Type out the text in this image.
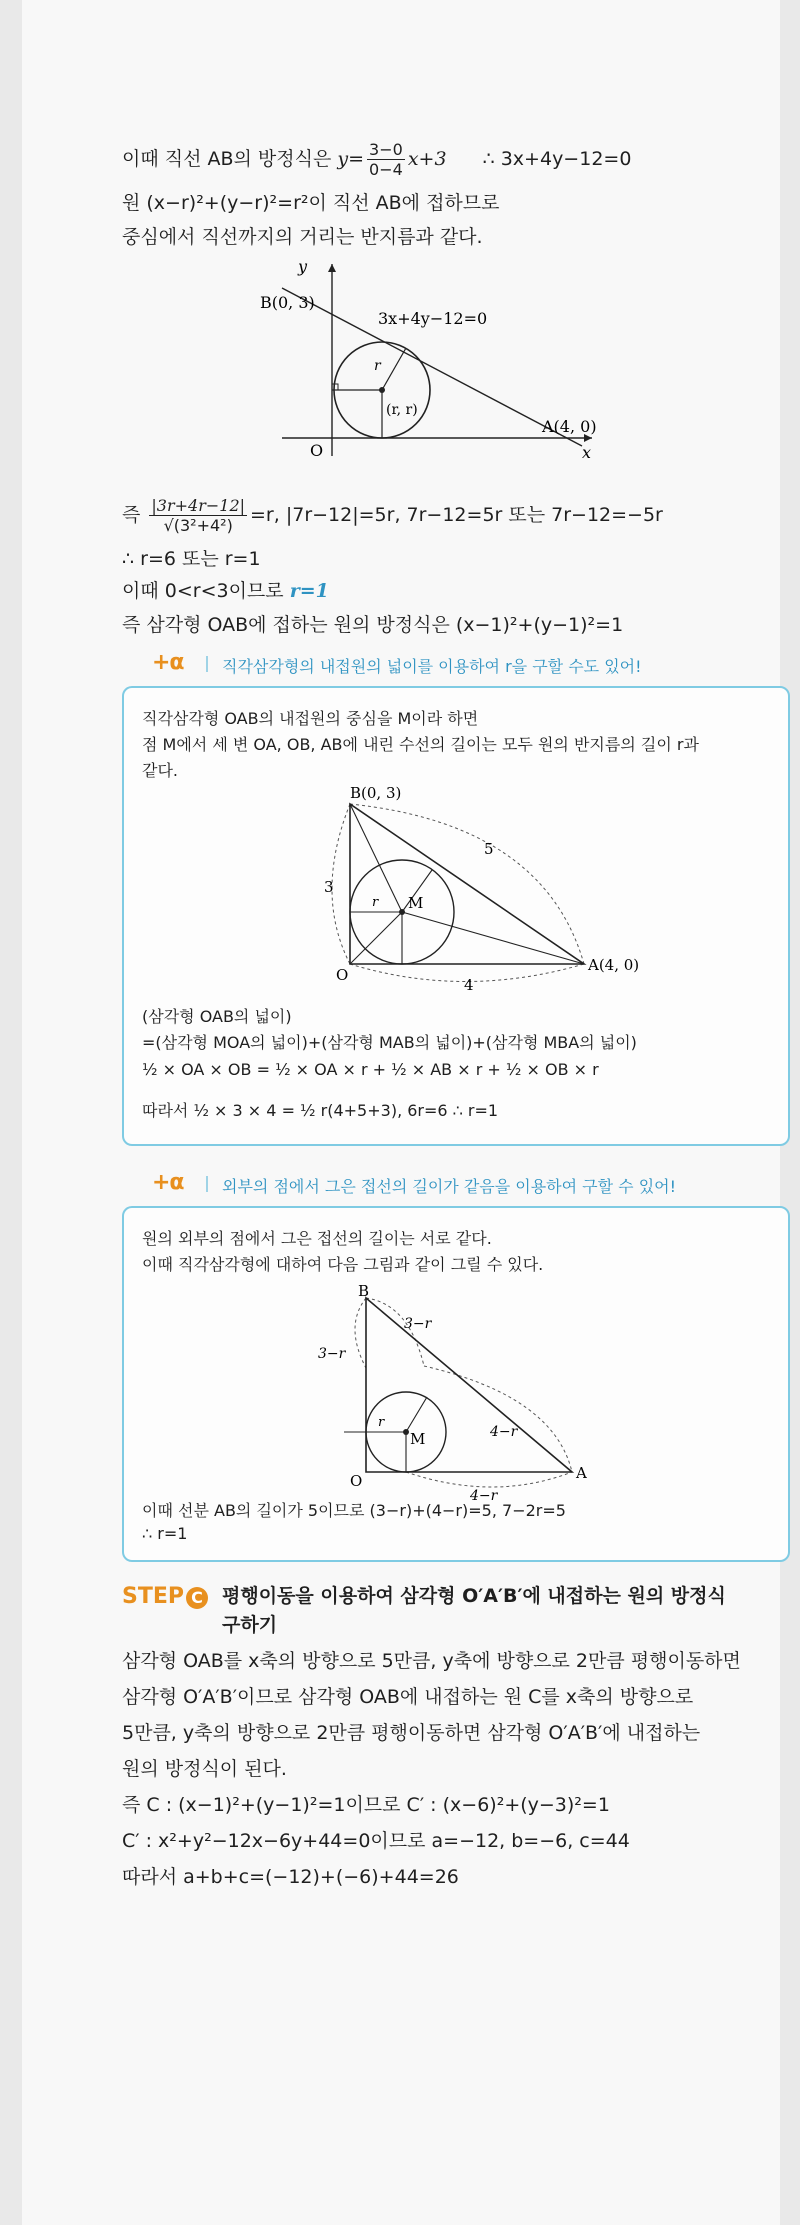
이때 직선 AB의 방정식은 $y= \frac{3-0}{0-4} x+3$ ∴ 3x+4y−12=0
원 (x−r)²+(y−r)²=r²이 직선 AB에 접하므로
중심에서 직선까지의 거리는 반지름과 같다.
y
x
O
B(0, 3)
A(4, 0)
3x+4y−12=0
r
(r, r)
즉 $\frac{|3r+4r-12|}{\text{√(3²+4²)}} =r$, |7r−12|=5r, 7r−12=5r 또는 7r−12=−5r
∴ r=6 또는 r=1
이때 0<r<3이므로 r=1
즉 삼각형 OAB에 접하는 원의 방정식은 (x−1)²+(y−1)²=1
+α 직각삼각형의 내접원의 넓이를 이용하여 r을 구할 수도 있어!
직각삼각형 OAB의 내접원의 중심을 M이라 하면
점 M에서 세 변 OA, OB, AB에 내린 수선의 길이는 모두 원의 반지름의 길이 r과
같다.
B(0, 3)
A(4, 0)
O
M
r
3
4
5
(삼각형 OAB의 넓이)
=(삼각형 MOA의 넓이)+(삼각형 MAB의 넓이)+(삼각형 MBA의 넓이)
½ × OA × OB = ½ × OA × r + ½ × AB × r + ½ × OB × r
따라서 ½ × 3 × 4 = ½ r(4+5+3), 6r=6 ∴ r=1
+α 외부의 점에서 그은 접선의 길이가 같음을 이용하여 구할 수 있어!
원의 외부의 점에서 그은 접선의 길이는 서로 같다.
이때 직각삼각형에 대하여 다음 그림과 같이 그릴 수 있다.
B
A
O
M
r
3−r
3−r
4−r
4−r
이때 선분 AB의 길이가 5이므로 (3−r)+(4−r)=5, 7−2r=5
∴ r=1
STEP C 평행이동을 이용하여 삼각형 O′A′B′에 내접하는 원의 방정식
구하기
삼각형 OAB를 x축의 방향으로 5만큼, y축에 방향으로 2만큼 평행이동하면
삼각형 O′A′B′이므로 삼각형 OAB에 내접하는 원 C를 x축의 방향으로
5만큼, y축의 방향으로 2만큼 평행이동하면 삼각형 O′A′B′에 내접하는
원의 방정식이 된다.
즉 C : (x−1)²+(y−1)²=1이므로 C′ : (x−6)²+(y−3)²=1
C′ : x²+y²−12x−6y+44=0이므로 a=−12, b=−6, c=44
따라서 a+b+c=(−12)+(−6)+44=26
